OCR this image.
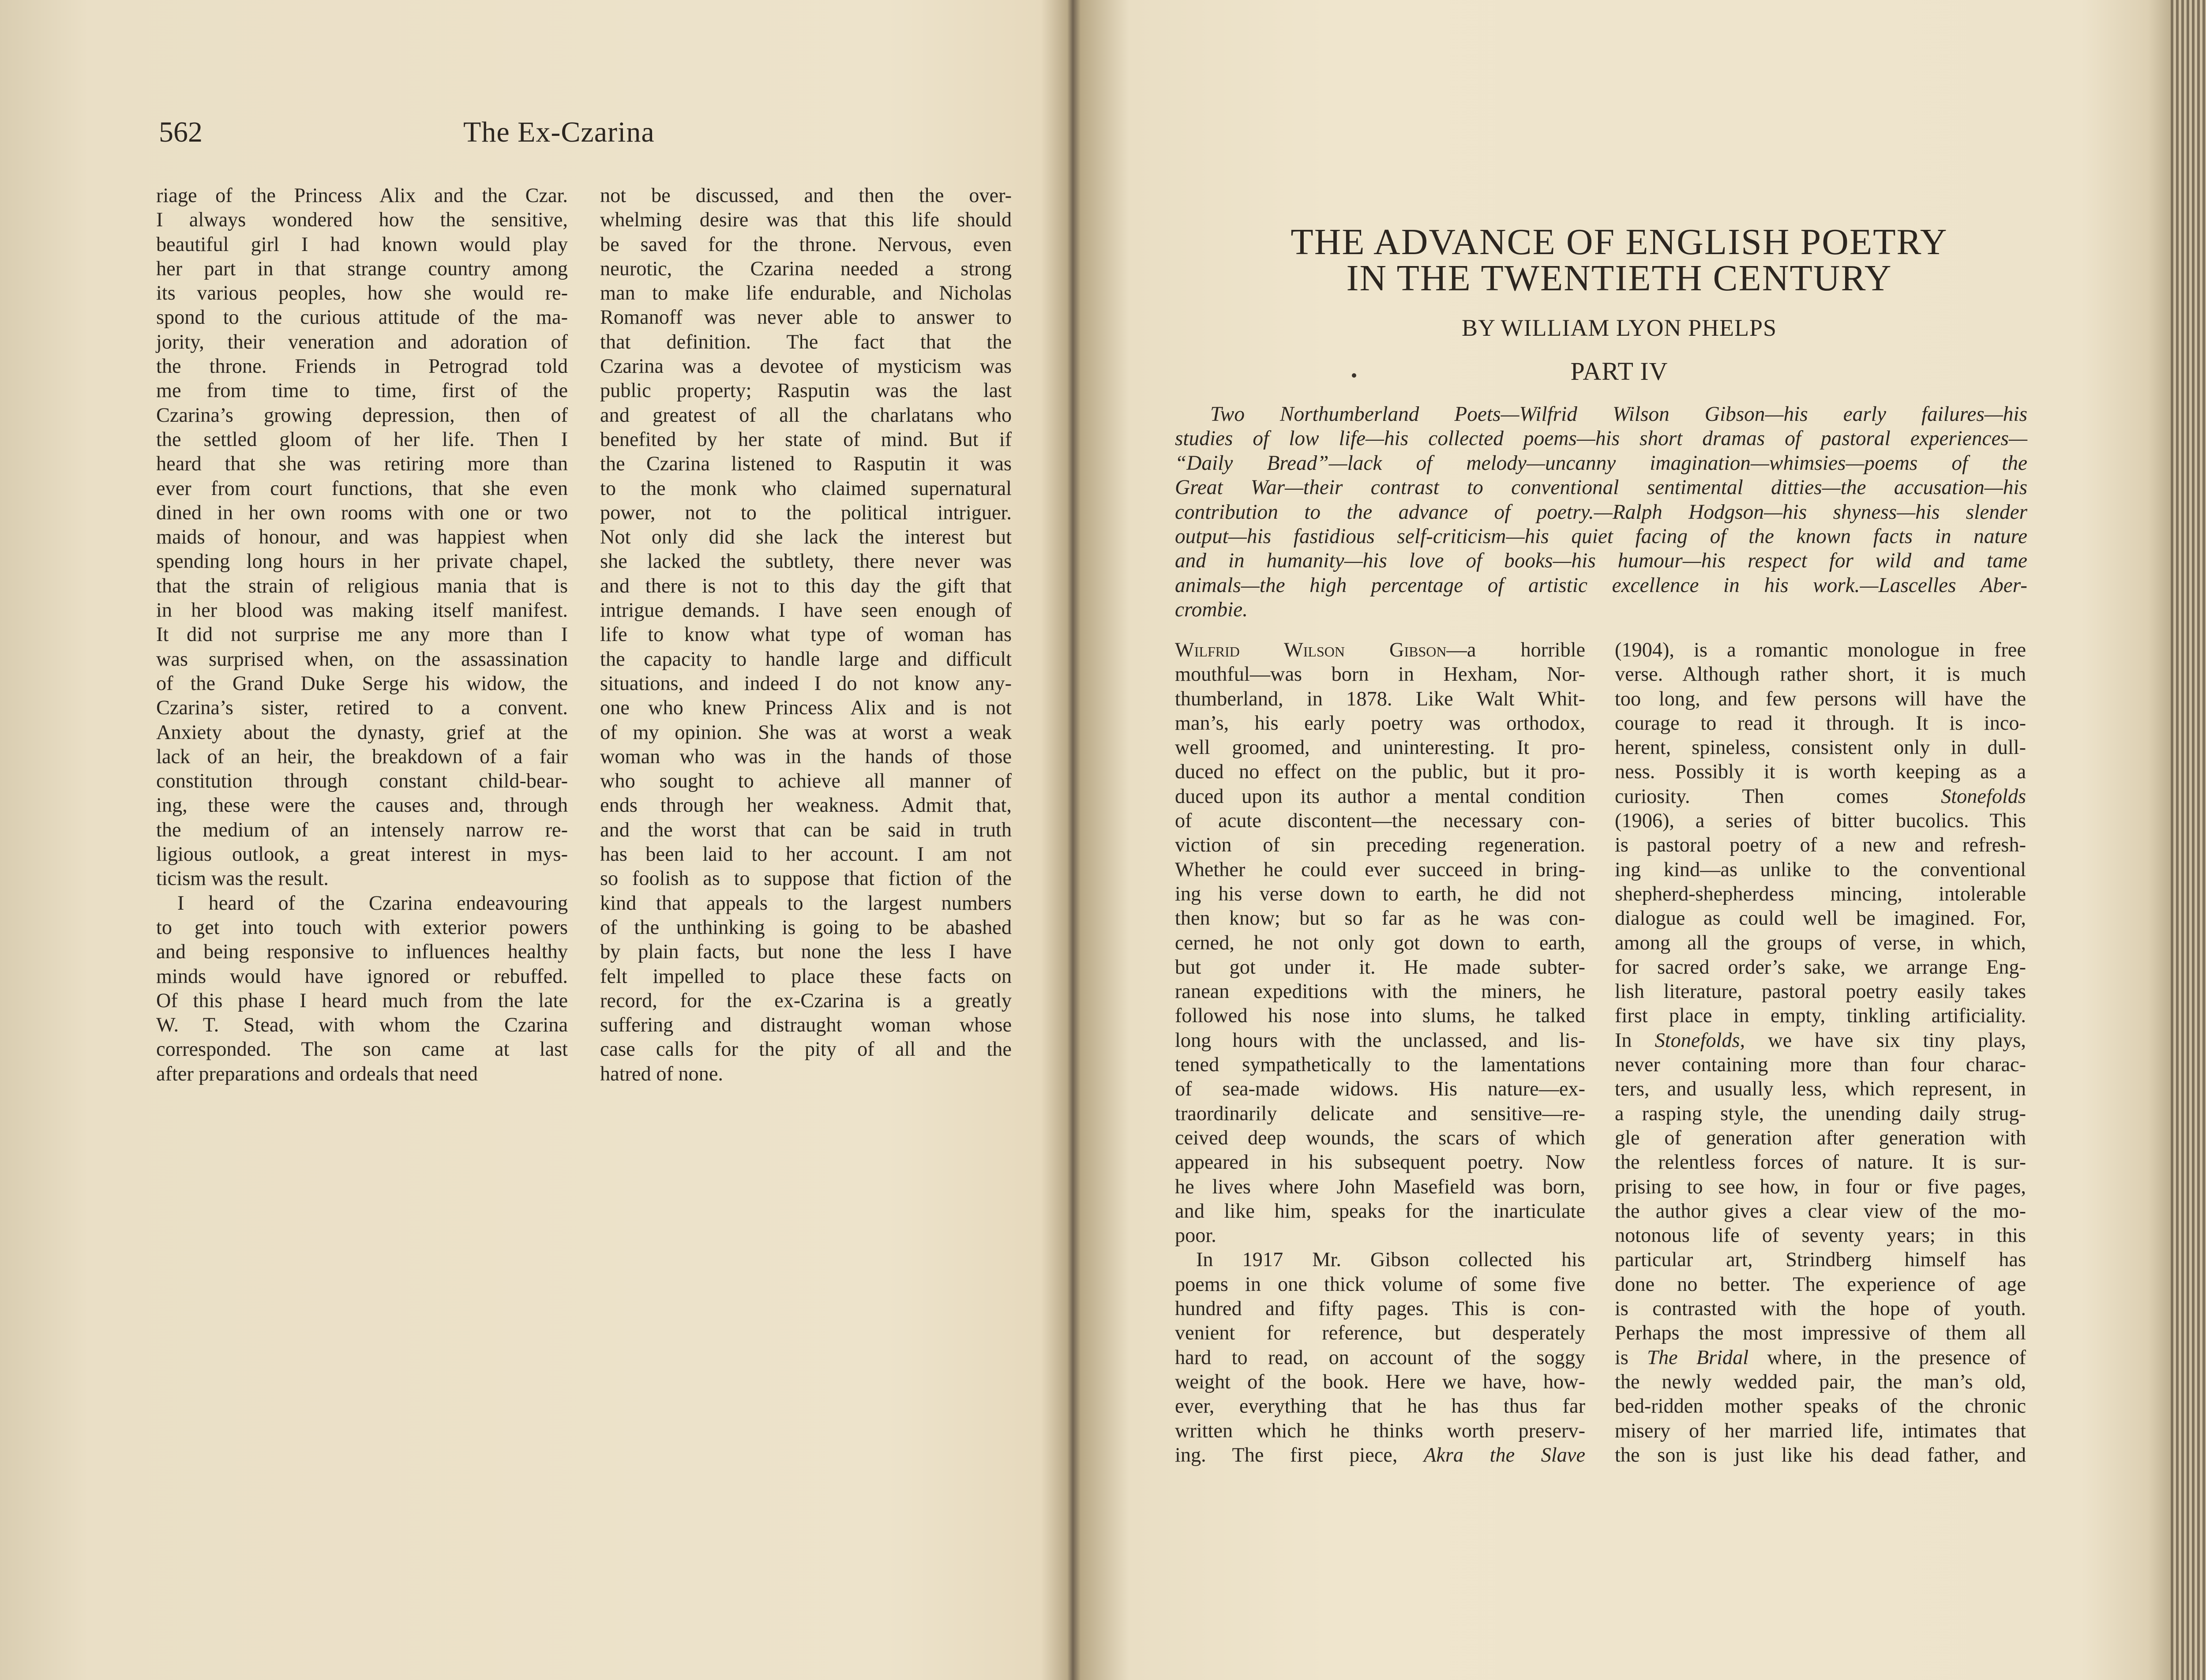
562	The Ex-Czarina
riage of the Princess Alix and the Czar.
I always wondered how the sensitive,
beautiful girl I had known would play
her part in that strange country among
its various peoples, how she would re-
spond to the curious attitude of the ma-
jority, their veneration and adoration of
the throne. Friends in Petrograd told
me from time to time, first of the
Czarina’s growing depression, then of
the settled gloom of her life. Then I
heard that she was retiring more than
ever from court functions, that she even
dined in her own rooms with one or two
maids of honour, and was happiest when
spending long hours in her private chapel,
that the strain of religious mania that is
in her blood was making itself manifest.
It did not surprise me any more than I
was surprised when, on the assassination
of the Grand Duke Serge his widow, the
Czarina’s sister, retired to a convent.
Anxiety about the dynasty, grief at the
lack of an heir, the breakdown of a fair
constitution through constant child-bear-
ing, these were the causes and, through
the medium of an intensely narrow re-
ligious outlook, a great interest in mys-
ticism was the result.
I heard of the Czarina endeavouring
to get into touch with exterior powers
and being responsive to influences healthy
minds would have ignored or rebuffed.
Of this phase I heard much from the late
W. T. Stead, with whom the Czarina
corresponded. The son came at last
after preparations and ordeals that need
not be discussed, and then the over-
whelming desire was that this life should
be saved for the throne. Nervous, even
neurotic, the Czarina needed a strong
man to make life endurable, and Nicholas
Romanoff was never able to answer to
that definition. The fact that the
Czarina was a devotee of mysticism was
public property; Rasputin was the last
and greatest of all the charlatans who
benefited by her state of mind. But if
the Czarina listened to Rasputin it was
to the monk who claimed supernatural
power, not to the political intriguer.
Not only did she lack the interest but
she lacked the subtlety, there never was
and there is not to this day the gift that
intrigue demands. I have seen enough of
life to know what type of woman has
the capacity to handle large and difficult
situations, and indeed I do not know any-
one who knew Princess Alix and is not
of my opinion. She was at worst a weak
woman who was in the hands of those
who sought to achieve all manner of
ends through her weakness. Admit that,
and the worst that can be said in truth
has been laid to her account. I am not
so foolish as to suppose that fiction of the
kind that appeals to the largest numbers
of the unthinking is going to be abashed
by plain facts, but none the less I have
felt impelled to place these facts on
record, for the ex-Czarina is a greatly
suffering and distraught woman whose
case calls for the pity of all and the
hatred of none.
THE ADVANCE OF ENGLISH POETRY
IN THE TWENTIETH CENTURY
BY WILLIAM LYON PHELPS
PART IV
Two Northumberland Poets—Wilfrid Wilson Gibson—his early failures—his
studies of low life—his collected poems—his short dramas of pastoral experiences—
“Daily Bread”—lack of melody—uncanny imagination—whimsies—poems of the
Great War—their contrast to conventional sentimental ditties—the accusation—his
contribution to the advance of poetry.—Ralph Hodgson—his shyness—his slender
output—his fastidious self-criticism—his quiet facing of the known facts in nature
and in humanity—his love of books—his humour—his respect for wild and tame
animals—the high percentage of artistic excellence in his work.—Lascelles Aber-
crombie.
Wilfrid Wilson Gibson—a horrible
mouthful—was born in Hexham, Nor-
thumberland, in 1878. Like Walt Whit-
man’s, his early poetry was orthodox,
well groomed, and uninteresting. It pro-
duced no effect on the public, but it pro-
duced upon its author a mental condition
of acute discontent—the necessary con-
viction of sin preceding regeneration.
Whether he could ever succeed in bring-
ing his verse down to earth, he did not
then know; but so far as he was con-
cerned, he not only got down to earth,
but got under it. He made subter-
ranean expeditions with the miners, he
followed his nose into slums, he talked
long hours with the unclassed, and lis-
tened sympathetically to the lamentations
of sea-made widows. His nature—ex-
traordinarily delicate and sensitive—re-
ceived deep wounds, the scars of which
appeared in his subsequent poetry. Now
he lives where John Masefield was born,
and like him, speaks for the inarticulate
poor.
In 1917 Mr. Gibson collected his
poems in one thick volume of some five
hundred and fifty pages. This is con-
venient for reference, but desperately
hard to read, on account of the soggy
weight of the book. Here we have, how-
ever, everything that he has thus far
written which he thinks worth preserv-
ing. The first piece, Akra the Slave
(1904), is a romantic monologue in free
verse. Although rather short, it is much
too long, and few persons will have the
courage to read it through. It is inco-
herent, spineless, consistent only in dull-
ness. Possibly it is worth keeping as a
curiosity. Then comes Stonefolds
(1906), a series of bitter bucolics. This
is pastoral poetry of a new and refresh-
ing kind—as unlike to the conventional
shepherd-shepherdess mincing, intolerable
dialogue as could well be imagined. For,
among all the groups of verse, in which,
for sacred order’s sake, we arrange Eng-
lish literature, pastoral poetry easily takes
first place in empty, tinkling artificiality.
In Stonefolds, we have six tiny plays,
never containing more than four charac-
ters, and usually less, which represent, in
a rasping style, the unending daily strug-
gle of generation after generation with
the relentless forces of nature. It is sur-
prising to see how, in four or five pages,
the author gives a clear view of the mo-
notonous life of seventy years; in this
particular art, Strindberg himself has
done no better. The experience of age
is contrasted with the hope of youth.
Perhaps the most impressive of them all
is The Bridal where, in the presence of
the newly wedded pair, the man’s old,
bed-ridden mother speaks of the chronic
misery of her married life, intimates that
the son is just like his dead father, and
